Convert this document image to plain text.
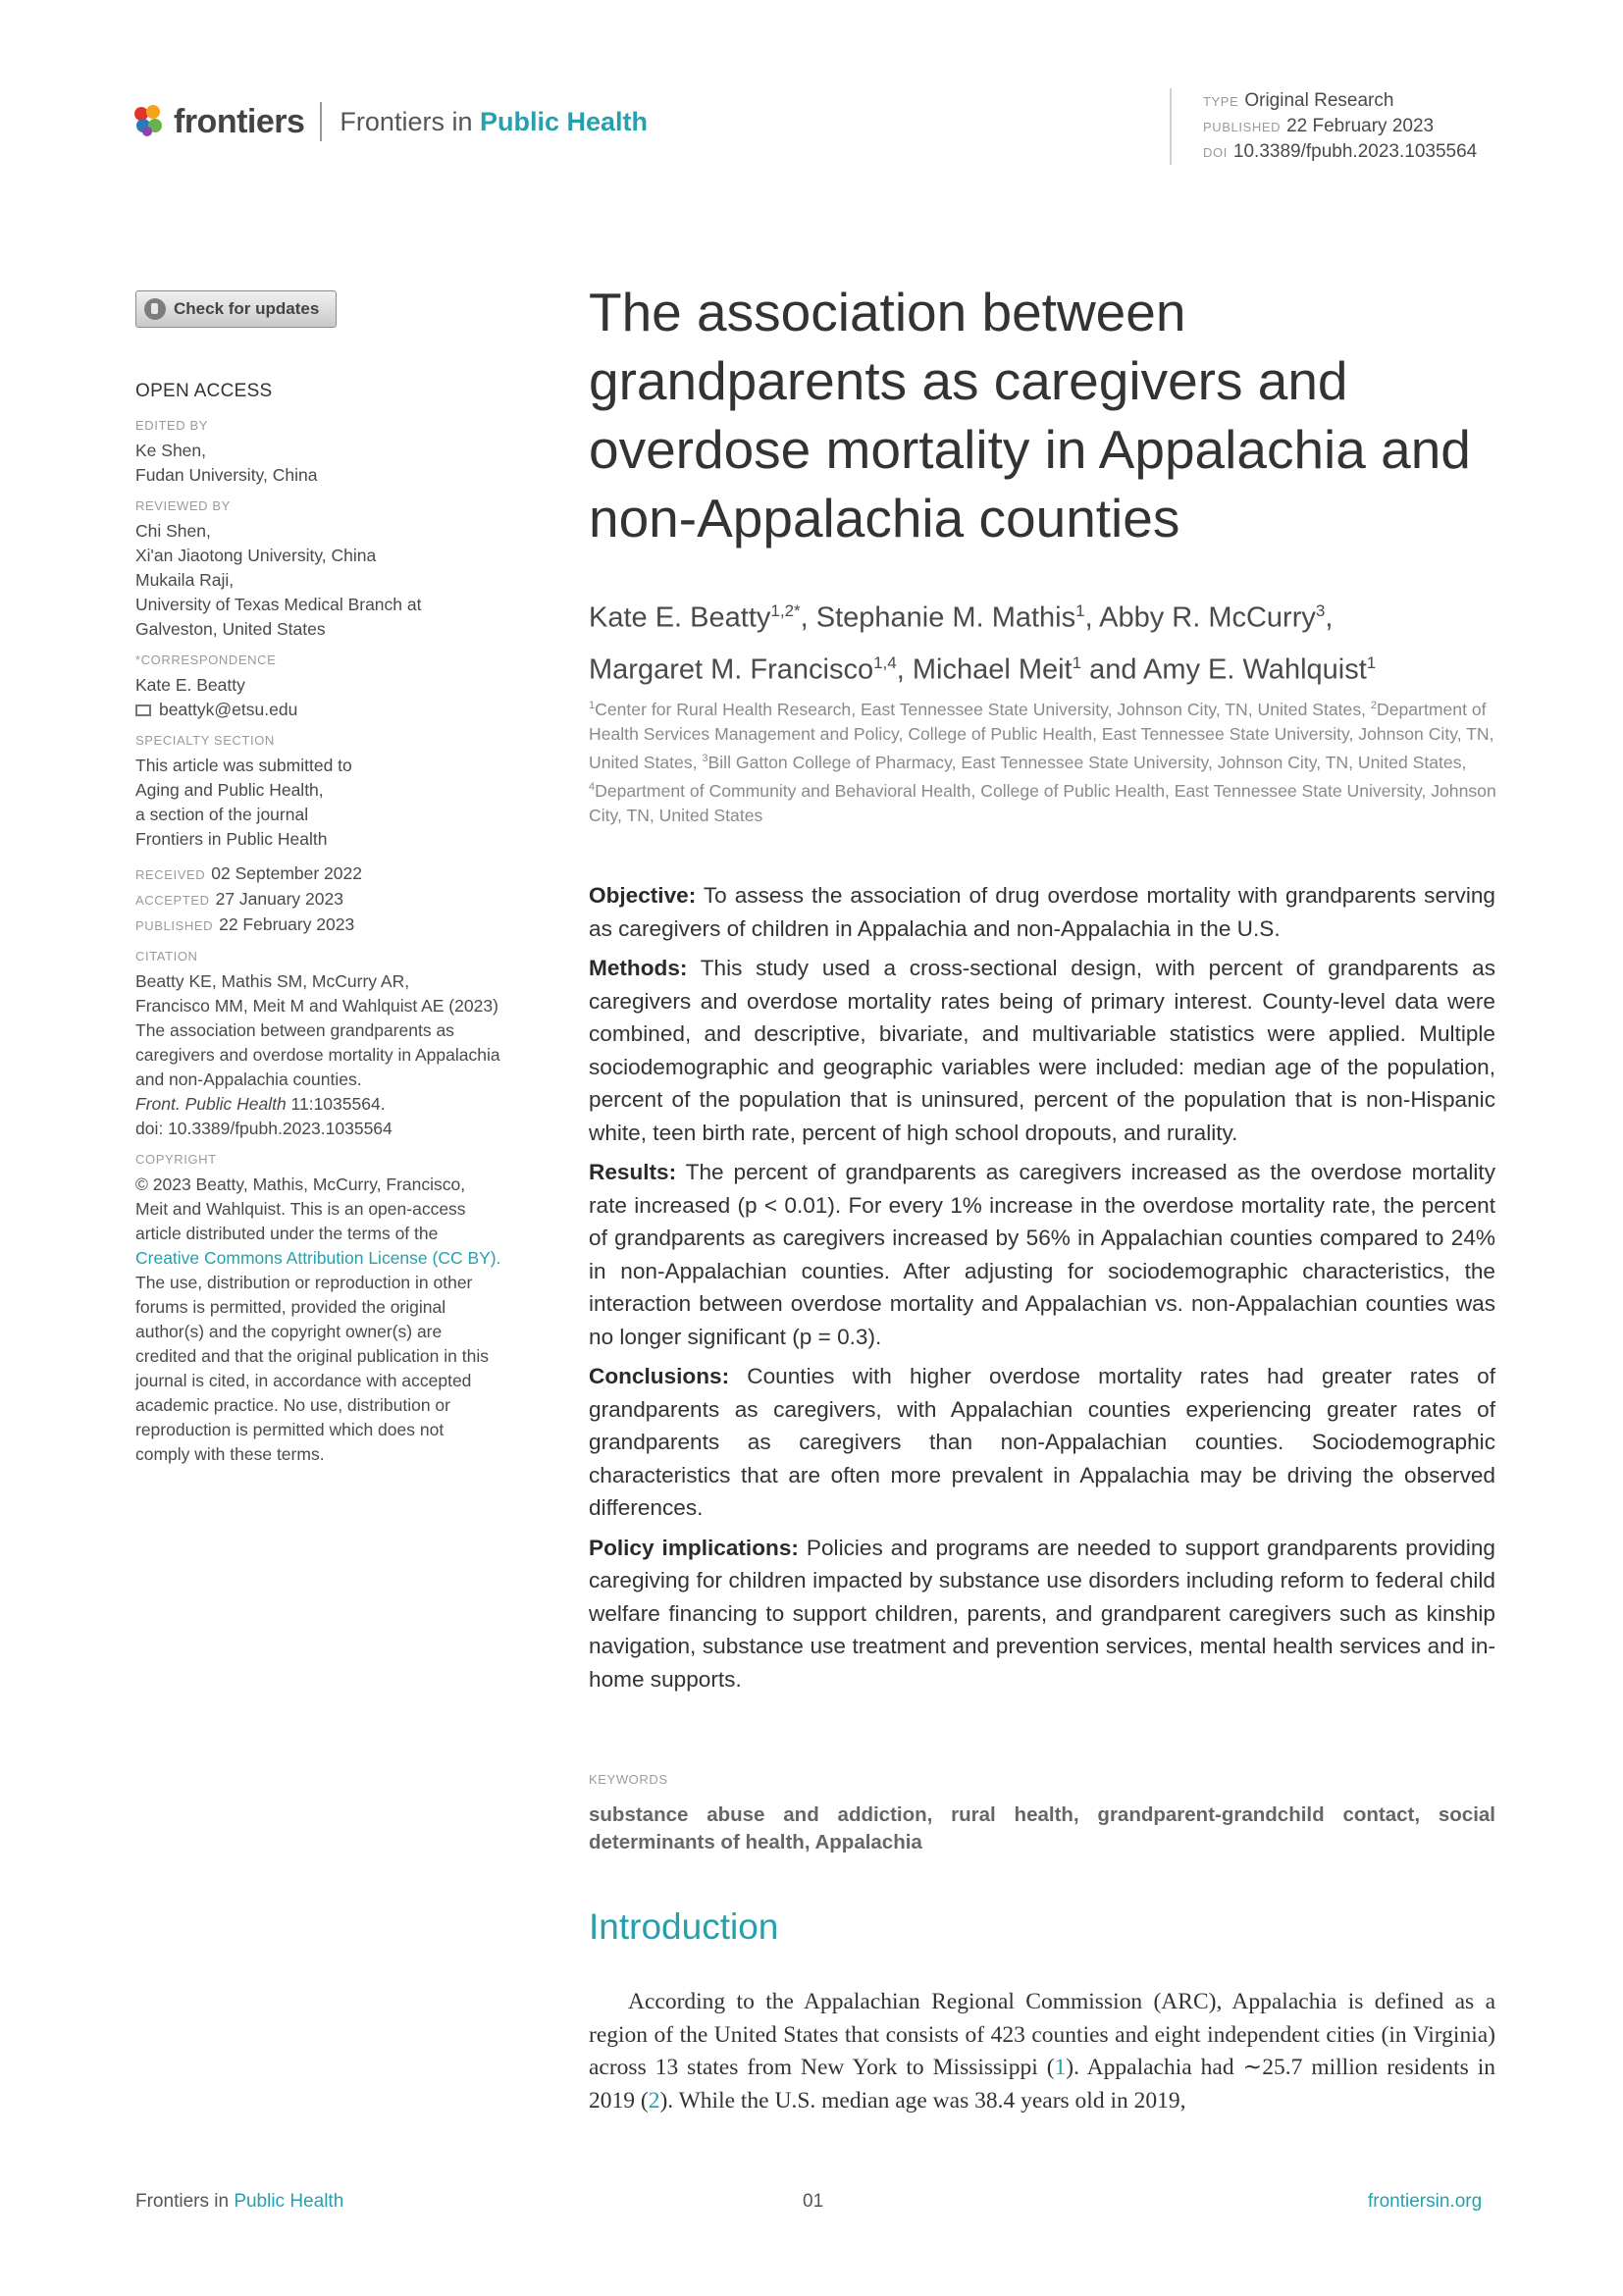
frontiers Frontiers in Public Health
TYPE Original Research
PUBLISHED 22 February 2023
DOI 10.3389/fpubh.2023.1035564
Check for updates
OPEN ACCESS
EDITED BY
Ke Shen,
Fudan University, China
REVIEWED BY
Chi Shen,
Xi'an Jiaotong University, China
Mukaila Raji,
University of Texas Medical Branch at
Galveston, United States
*CORRESPONDENCE
Kate E. Beatty
beattyk@etsu.edu
SPECIALTY SECTION
This article was submitted to
Aging and Public Health,
a section of the journal
Frontiers in Public Health
RECEIVED 02 September 2022
ACCEPTED 27 January 2023
PUBLISHED 22 February 2023
CITATION
Beatty KE, Mathis SM, McCurry AR,
Francisco MM, Meit M and Wahlquist AE (2023)
The association between grandparents as
caregivers and overdose mortality in Appalachia
and non-Appalachia counties.
Front. Public Health 11:1035564.
doi: 10.3389/fpubh.2023.1035564
COPYRIGHT
© 2023 Beatty, Mathis, McCurry, Francisco,
Meit and Wahlquist. This is an open-access
article distributed under the terms of the
Creative Commons Attribution License (CC BY).
The use, distribution or reproduction in other
forums is permitted, provided the original
author(s) and the copyright owner(s) are
credited and that the original publication in this
journal is cited, in accordance with accepted
academic practice. No use, distribution or
reproduction is permitted which does not
comply with these terms.
The association between grandparents as caregivers and overdose mortality in Appalachia and non-Appalachia counties
Kate E. Beatty$^{1,2*}$, Stephanie M. Mathis$^1$, Abby R. McCurry$^3$,
Margaret M. Francisco$^{1,4}$, Michael Meit$^1$ and Amy E. Wahlquist$^1$
$^1$Center for Rural Health Research, East Tennessee State University, Johnson City, TN, United States, $^2$Department of Health Services Management and Policy, College of Public Health, East Tennessee State University, Johnson City, TN, United States, $^3$Bill Gatton College of Pharmacy, East Tennessee State University, Johnson City, TN, United States, $^4$Department of Community and Behavioral Health, College of Public Health, East Tennessee State University, Johnson City, TN, United States

Objective: To assess the association of drug overdose mortality with grandparents serving as caregivers of children in Appalachia and non-Appalachia in the U.S.

Methods: This study used a cross-sectional design, with percent of grandparents as caregivers and overdose mortality rates being of primary interest. County-level data were combined, and descriptive, bivariate, and multivariable statistics were applied. Multiple sociodemographic and geographic variables were included: median age of the population, percent of the population that is uninsured, percent of the population that is non-Hispanic white, teen birth rate, percent of high school dropouts, and rurality.

Results: The percent of grandparents as caregivers increased as the overdose mortality rate increased (p < 0.01). For every 1% increase in the overdose mortality rate, the percent of grandparents as caregivers increased by 56% in Appalachian counties compared to 24% in non-Appalachian counties. After adjusting for sociodemographic characteristics, the interaction between overdose mortality and Appalachian vs. non-Appalachian counties was no longer significant (p = 0.3).

Conclusions: Counties with higher overdose mortality rates had greater rates of grandparents as caregivers, with Appalachian counties experiencing greater rates of grandparents as caregivers than non-Appalachian counties. Sociodemographic characteristics that are often more prevalent in Appalachia may be driving the observed differences.

Policy implications: Policies and programs are needed to support grandparents providing caregiving for children impacted by substance use disorders including reform to federal child welfare financing to support children, parents, and grandparent caregivers such as kinship navigation, substance use treatment and prevention services, mental health services and in-home supports.

KEYWORDS
substance abuse and addiction, rural health, grandparent-grandchild contact, social determinants of health, Appalachia
Introduction
According to the Appalachian Regional Commission (ARC), Appalachia is defined as a region of the United States that consists of 423 counties and eight independent cities (in Virginia) across 13 states from New York to Mississippi (1). Appalachia had ∼25.7 million residents in 2019 (2). While the U.S. median age was 38.4 years old in 2019,
Frontiers in Public Health	01	frontiersin.org
